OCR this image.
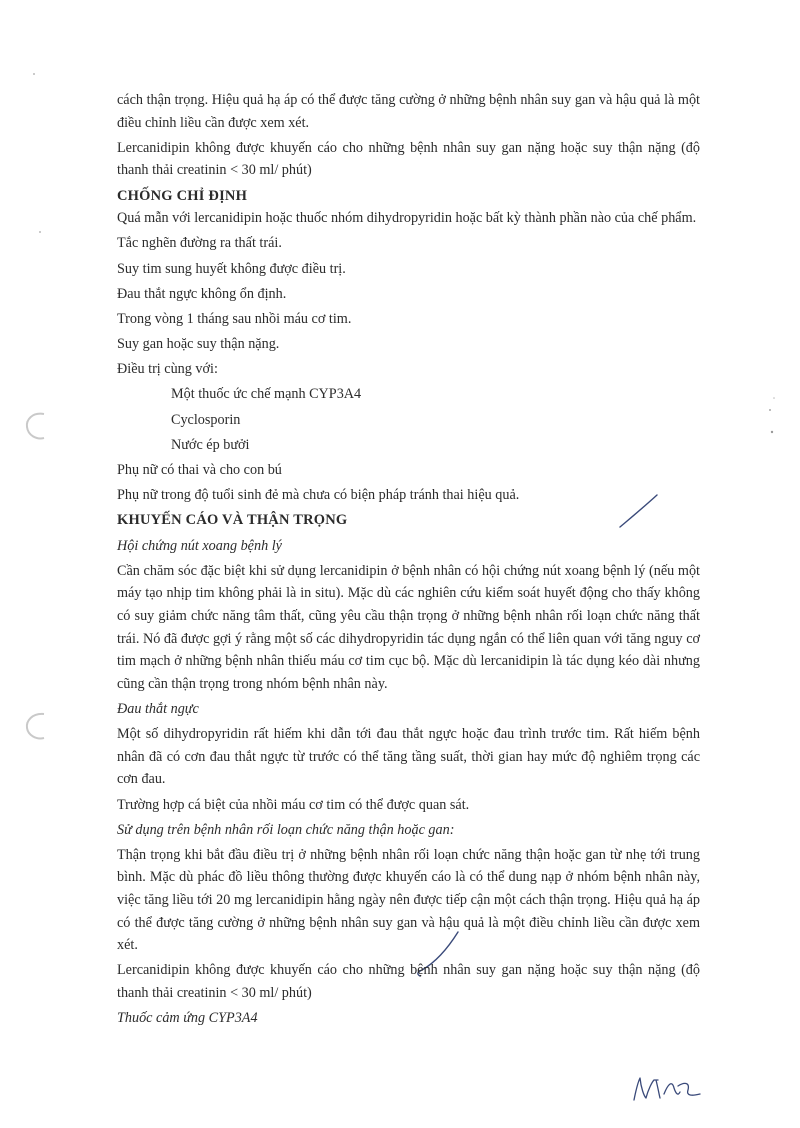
cách thận trọng. Hiệu quả hạ áp có thể được tăng cường ở những bệnh nhân suy gan và hậu quả là một điều chỉnh liều cần được xem xét.

Lercanidipin không được khuyến cáo cho những bệnh nhân suy gan nặng hoặc suy thận nặng (độ thanh thải creatinin < 30 ml/ phút)

CHỐNG CHỈ ĐỊNH

Quá mẫn với lercanidipin hoặc thuốc nhóm dihydropyridin hoặc bất kỳ thành phần nào của chế phẩm.

Tắc nghẽn đường ra thất trái.

Suy tim sung huyết không được điều trị.

Đau thắt ngực không ổn định.

Trong vòng 1 tháng sau nhồi máu cơ tim.

Suy gan hoặc suy thận nặng.

Điều trị cùng với:

Một thuốc ức chế mạnh CYP3A4

Cyclosporin

Nước ép bưởi

Phụ nữ có thai và cho con bú

Phụ nữ trong độ tuổi sinh đẻ mà chưa có biện pháp tránh thai hiệu quả.

KHUYẾN CÁO VÀ THẬN TRỌNG

Hội chứng nút xoang bệnh lý

Cần chăm sóc đặc biệt khi sử dụng lercanidipin ở bệnh nhân có hội chứng nút xoang bệnh lý (nếu một máy tạo nhịp tim không phải là in situ). Mặc dù các nghiên cứu kiểm soát huyết động cho thấy không có suy giảm chức năng tâm thất, cũng yêu cầu thận trọng ở những bệnh nhân rối loạn chức năng thất trái. Nó đã được gợi ý rằng một số các dihydropyridin tác dụng ngắn có thể liên quan với tăng nguy cơ tim mạch ở những bệnh nhân thiếu máu cơ tim cục bộ. Mặc dù lercanidipin là tác dụng kéo dài nhưng cũng cần thận trọng trong nhóm bệnh nhân này.

Đau thắt ngực

Một số dihydropyridin rất hiếm khi dẫn tới đau thắt ngực hoặc đau trình trước tim. Rất hiếm bệnh nhân đã có cơn đau thắt ngực từ trước có thể tăng tầng suất, thời gian hay mức độ nghiêm trọng các cơn đau.

Trường hợp cá biệt của nhồi máu cơ tim có thể được quan sát.

Sử dụng trên bệnh nhân rối loạn chức năng thận hoặc gan:

Thận trọng khi bắt đầu điều trị ở những bệnh nhân rối loạn chức năng thận hoặc gan từ nhẹ tới trung bình. Mặc dù phác đồ liều thông thường được khuyến cáo là có thể dung nạp ở nhóm bệnh nhân này, việc tăng liều tới 20 mg lercanidipin hằng ngày nên được tiếp cận một cách thận trọng. Hiệu quả hạ áp có thể được tăng cường ở những bệnh nhân suy gan và hậu quả là một điều chỉnh liều cần được xem xét.

Lercanidipin không được khuyến cáo cho những bệnh nhân suy gan nặng hoặc suy thận nặng (độ thanh thải creatinin < 30 ml/ phút)

Thuốc cảm ứng CYP3A4
